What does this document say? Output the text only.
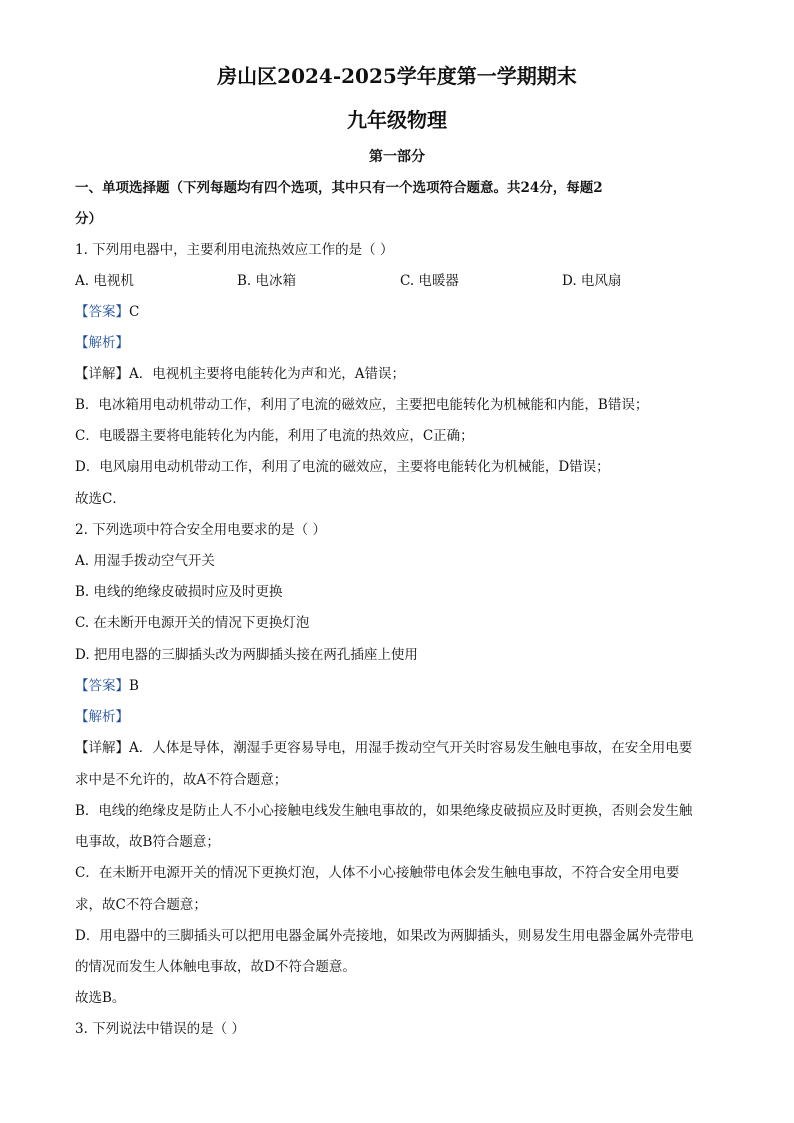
房山区2024-2025学年度第一学期期末
九年级物理
第一部分
一、单项选择题（下列每题均有四个选项，其中只有一个选项符合题意。共24分，每题2
分）
1. 下列用电器中，主要利用电流热效应工作的是（ ）
A. 电视机	B. 电冰箱	C. 电暖器	D. 电风扇
【答案】C
【解析】
【详解】A．电视机主要将电能转化为声和光，A错误；
B．电冰箱用电动机带动工作，利用了电流的磁效应，主要把电能转化为机械能和内能，B错误；
C．电暖器主要将电能转化为内能，利用了电流的热效应，C正确；
D．电风扇用电动机带动工作，利用了电流的磁效应，主要将电能转化为机械能，D错误；
故选C．
2. 下列选项中符合安全用电要求的是（ ）
A. 用湿手拨动空气开关
B. 电线的绝缘皮破损时应及时更换
C. 在未断开电源开关的情况下更换灯泡
D. 把用电器的三脚插头改为两脚插头接在两孔插座上使用
【答案】B
【解析】
【详解】A．人体是导体，潮湿手更容易导电，用湿手拨动空气开关时容易发生触电事故，在安全用电要
求中是不允许的，故A不符合题意；
B．电线的绝缘皮是防止人不小心接触电线发生触电事故的，如果绝缘皮破损应及时更换，否则会发生触
电事故，故B符合题意；
C．在未断开电源开关的情况下更换灯泡，人体不小心接触带电体会发生触电事故，不符合安全用电要
求，故C不符合题意；
D．用电器中的三脚插头可以把用电器金属外壳接地，如果改为两脚插头，则易发生用电器金属外壳带电
的情况而发生人体触电事故，故D不符合题意。
故选B。
3. 下列说法中错误的是（ ）
